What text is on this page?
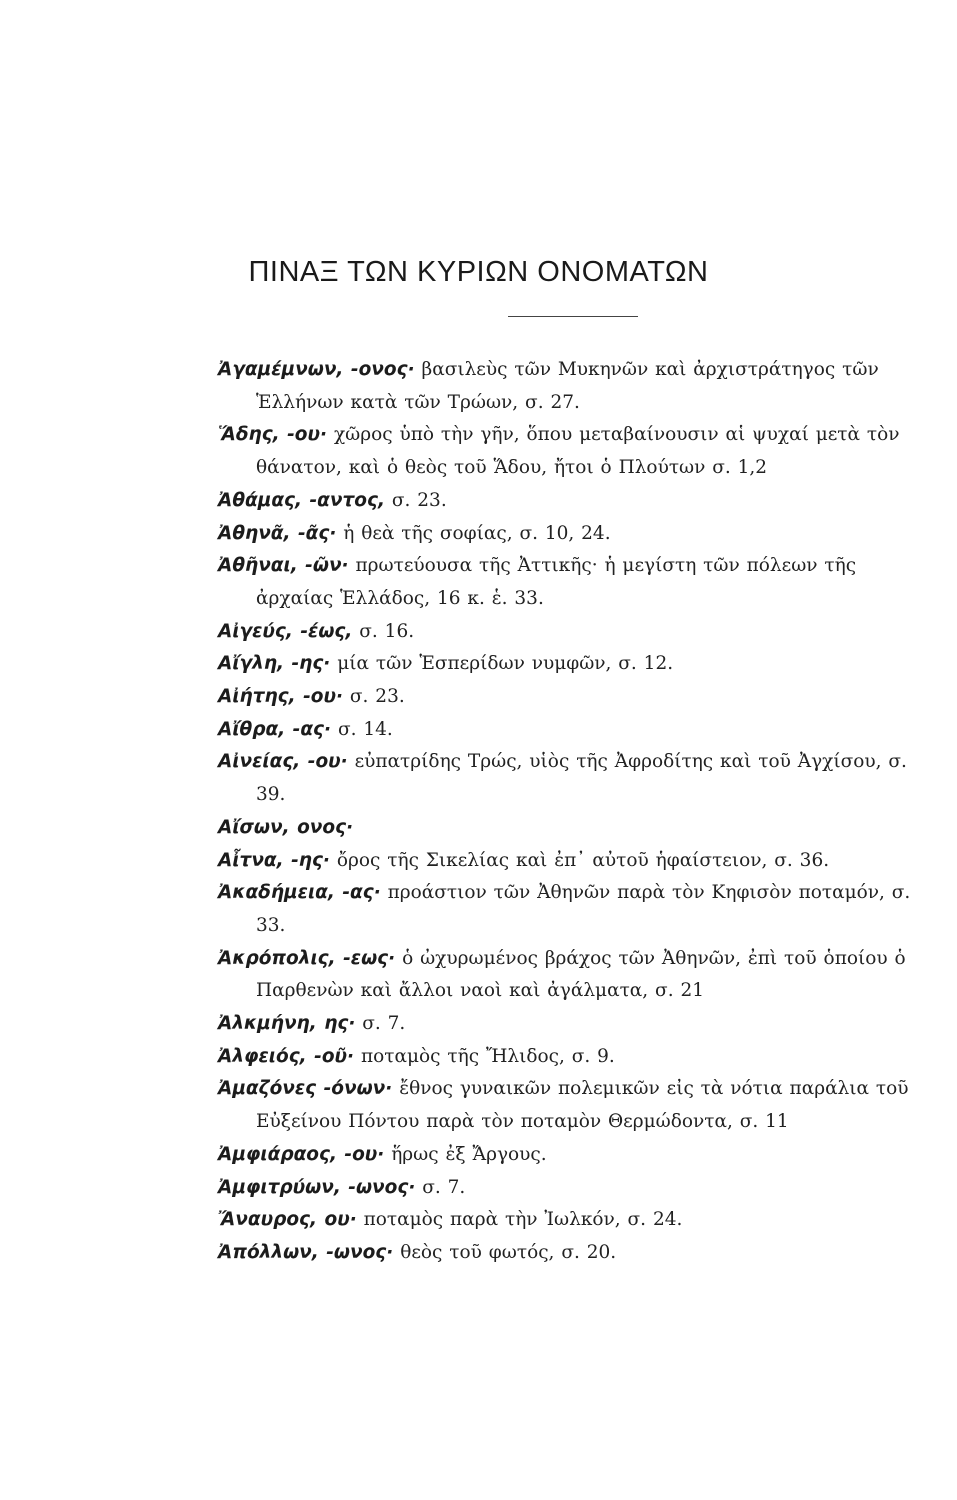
ΠΙΝΑΞ ΤΩΝ ΚΥΡΙΩΝ ΟΝΟΜΑΤΩΝ
Ἀγαμέμνων, -ονος· βασιλεὺς τῶν Μυκηνῶν καὶ ἀρχιστράτηγος τῶν Ἑλλήνων κατὰ τῶν Τρώων, σ. 27.
Ἅδης, -ου· χῶρος ὑπὸ τὴν γῆν, ὅπου μεταβαίνουσιν αἱ ψυχαί μετὰ τὸν θάνατον, καὶ ὁ θεὸς τοῦ Ἅδου, ἤτοι ὁ Πλούτων σ. 1,2
Ἀθάμας, -αντος, σ. 23.
Ἀθηνᾶ, -ᾶς· ἡ θεὰ τῆς σοφίας, σ. 10, 24.
Ἀθῆναι, -ῶν· πρωτεύουσα τῆς Ἀττικῆς· ἡ μεγίστη τῶν πόλεων τῆς ἀρχαίας Ἑλλάδος, 16 κ. ἑ. 33.
Αἰγεύς, -έως, σ. 16.
Αἴγλη, -ης· μία τῶν Ἑσπερίδων νυμφῶν, σ. 12.
Αἰήτης, -ου· σ. 23.
Αἴθρα, -ας· σ. 14.
Αἰνείας, -ου· εὐπατρίδης Τρώς, υἱὸς τῆς Ἀφροδίτης καὶ τοῦ Ἀγχίσου, σ. 39.
Αἴσων, ονος·
Αἶτνα, -ης· ὄρος τῆς Σικελίας καὶ ἐπ᾽ αὐτοῦ ἡφαίστειον, σ. 36.
Ἀκαδήμεια, -ας· προάστιον τῶν Ἀθηνῶν παρὰ τὸν Κηφισὸν ποταμόν, σ. 33.
Ἀκρόπολις, -εως· ὁ ὠχυρωμένος βράχος τῶν Ἀθηνῶν, ἐπὶ τοῦ ὁποίου ὁ Παρθενὼν καὶ ἄλλοι ναοὶ καὶ ἀγάλματα, σ. 21
Ἀλκμήνη, ης· σ. 7.
Ἀλφειός, -οῦ· ποταμὸς τῆς Ἤλιδος, σ. 9.
Ἀμαζόνες -όνων· ἔθνος γυναικῶν πολεμικῶν εἰς τὰ νότια παράλια τοῦ Εὐξείνου Πόντου παρὰ τὸν ποταμὸν Θερμώδοντα, σ. 11
Ἀμφιάραος, -ου· ἥρως ἐξ Ἄργους.
Ἀμφιτρύων, -ωνος· σ. 7.
Ἄναυρος, ου· ποταμὸς παρὰ τὴν Ἰωλκόν, σ. 24.
Ἀπόλλων, -ωνος· θεὸς τοῦ φωτός, σ. 20.
